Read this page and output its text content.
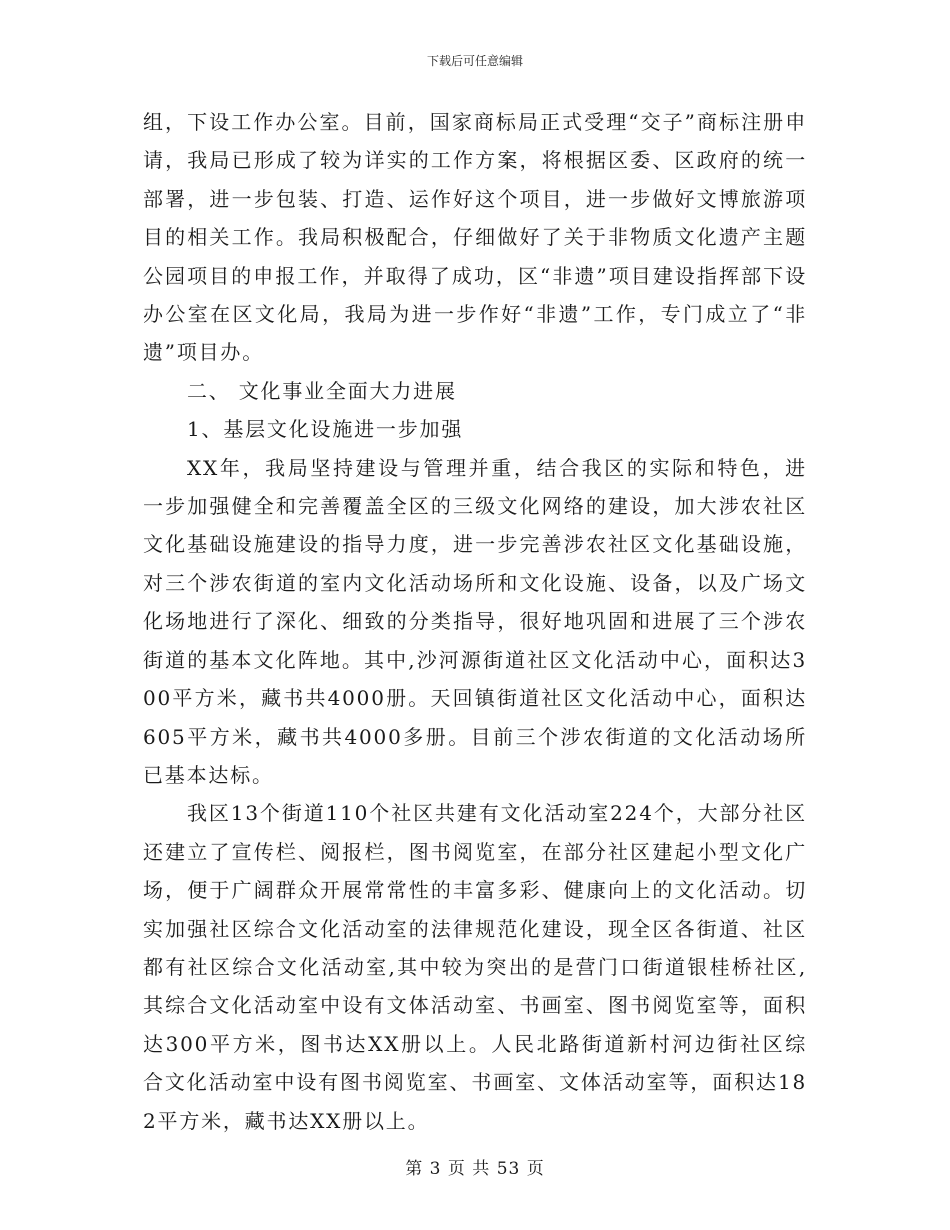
下载后可任意编辑

组，下设工作办公室。目前，国家商标局正式受理“交子”商标注册申请，我局已形成了较为详实的工作方案，将根据区委、区政府的统一部署，进一步包装、打造、运作好这个项目，进一步做好文博旅游项目的相关工作。我局积极配合，仔细做好了关于非物质文化遗产主题公园项目的申报工作，并取得了成功，区“非遗”项目建设指挥部下设办公室在区文化局，我局为进一步作好“非遗”工作，专门成立了“非遗”项目办。

二、 文化事业全面大力进展

1、基层文化设施进一步加强

XX年，我局坚持建设与管理并重，结合我区的实际和特色，进一步加强健全和完善覆盖全区的三级文化网络的建设，加大涉农社区文化基础设施建设的指导力度，进一步完善涉农社区文化基础设施，对三个涉农街道的室内文化活动场所和文化设施、设备，以及广场文化场地进行了深化、细致的分类指导，很好地巩固和进展了三个涉农街道的基本文化阵地。其中,沙河源街道社区文化活动中心，面积达300平方米，藏书共4000册。天回镇街道社区文化活动中心，面积达605平方米，藏书共4000多册。目前三个涉农街道的文化活动场所已基本达标。

我区13个街道110个社区共建有文化活动室224个，大部分社区还建立了宣传栏、阅报栏，图书阅览室，在部分社区建起小型文化广场，便于广阔群众开展常常性的丰富多彩、健康向上的文化活动。切实加强社区综合文化活动室的法律规范化建设，现全区各街道、社区都有社区综合文化活动室,其中较为突出的是营门口街道银桂桥社区,其综合文化活动室中设有文体活动室、书画室、图书阅览室等，面积达300平方米，图书达XX册以上。人民北路街道新村河边街社区综合文化活动室中设有图书阅览室、书画室、文体活动室等，面积达182平方米，藏书达XX册以上。

第 3 页 共 53 页
